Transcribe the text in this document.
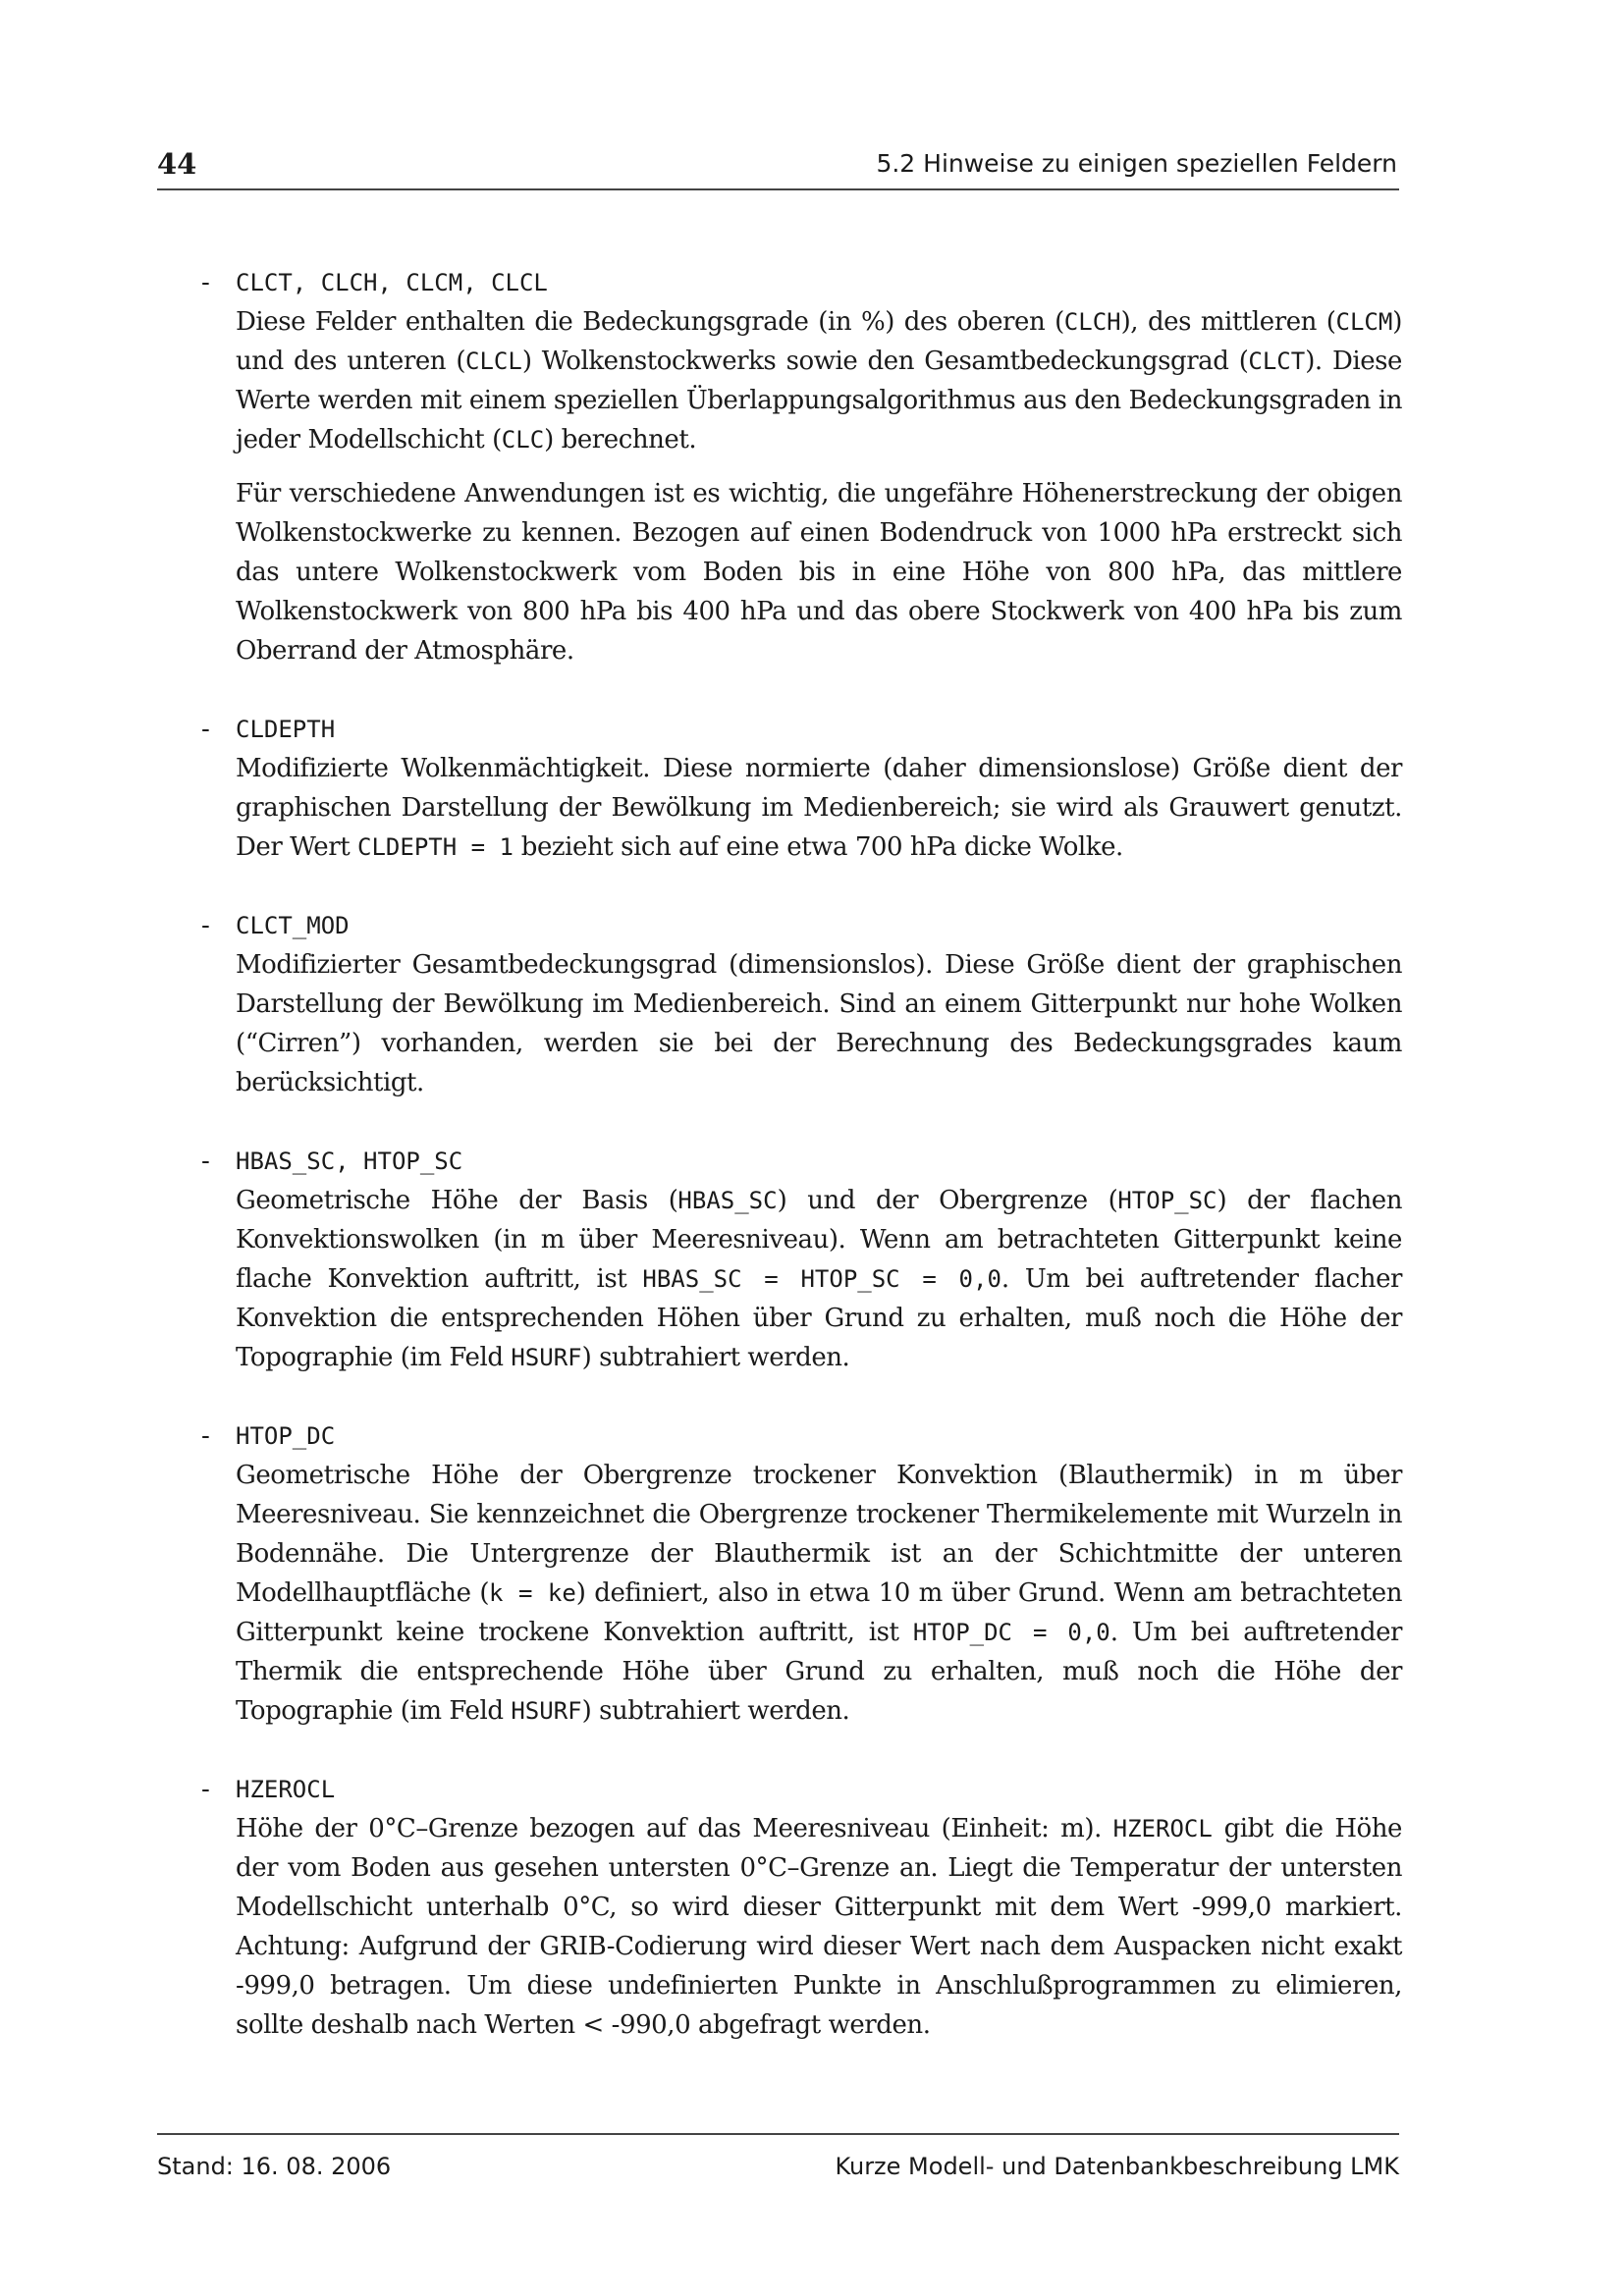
44	5.2 Hinweise zu einigen speziellen Feldern
- CLCT, CLCH, CLCM, CLCL

Diese Felder enthalten die Bedeckungsgrade (in %) des oberen (CLCH), des mittleren (CLCM) und des unteren (CLCL) Wolkenstockwerks sowie den Gesamtbedeckungsgrad (CLCT). Diese Werte werden mit einem speziellen Überlappungsalgorithmus aus den Bedeckungsgraden in jeder Modellschicht (CLC) berechnet.

Für verschiedene Anwendungen ist es wichtig, die ungefähre Höhenerstreckung der obigen Wolkenstockwerke zu kennen. Bezogen auf einen Bodendruck von 1000 hPa erstreckt sich das untere Wolkenstockwerk vom Boden bis in eine Höhe von 800 hPa, das mittlere Wolkenstockwerk von 800 hPa bis 400 hPa und das obere Stockwerk von 400 hPa bis zum Oberrand der Atmosphäre.

- CLDEPTH

Modifizierte Wolkenmächtigkeit. Diese normierte (daher dimensionslose) Größe dient der graphischen Darstellung der Bewölkung im Medienbereich; sie wird als Grauwert genutzt. Der Wert CLDEPTH = 1 bezieht sich auf eine etwa 700 hPa dicke Wolke.

- CLCT_MOD

Modifizierter Gesamtbedeckungsgrad (dimensionslos). Diese Größe dient der graphischen Darstellung der Bewölkung im Medienbereich. Sind an einem Gitterpunkt nur hohe Wolken (“Cirren”) vorhanden, werden sie bei der Berechnung des Bedeckungsgrades kaum berücksichtigt.

- HBAS_SC, HTOP_SC

Geometrische Höhe der Basis (HBAS_SC) und der Obergrenze (HTOP_SC) der flachen Konvektionswolken (in m über Meeresniveau). Wenn am betrachteten Gitterpunkt keine flache Konvektion auftritt, ist HBAS_SC = HTOP_SC = 0,0. Um bei auftretender flacher Konvektion die entsprechenden Höhen über Grund zu erhalten, muß noch die Höhe der Topographie (im Feld HSURF) subtrahiert werden.

- HTOP_DC

Geometrische Höhe der Obergrenze trockener Konvektion (Blauthermik) in m über Meeresniveau. Sie kennzeichnet die Obergrenze trockener Thermikelemente mit Wurzeln in Bodennähe. Die Untergrenze der Blauthermik ist an der Schichtmitte der unteren Modellhauptfläche (k = ke) definiert, also in etwa 10 m über Grund. Wenn am betrachteten Gitterpunkt keine trockene Konvektion auftritt, ist HTOP_DC = 0,0. Um bei auftretender Thermik die entsprechende Höhe über Grund zu erhalten, muß noch die Höhe der Topographie (im Feld HSURF) subtrahiert werden.

- HZEROCL

Höhe der 0°C–Grenze bezogen auf das Meeresniveau (Einheit: m). HZEROCL gibt die Höhe der vom Boden aus gesehen untersten 0°C–Grenze an. Liegt die Temperatur der untersten Modellschicht unterhalb 0°C, so wird dieser Gitterpunkt mit dem Wert -999,0 markiert. Achtung: Aufgrund der GRIB-Codierung wird dieser Wert nach dem Auspacken nicht exakt -999,0 betragen. Um diese undefinierten Punkte in Anschlußprogrammen zu elimieren, sollte deshalb nach Werten < -990,0 abgefragt werden.

Stand: 16. 08. 2006	Kurze Modell- und Datenbankbeschreibung LMK
